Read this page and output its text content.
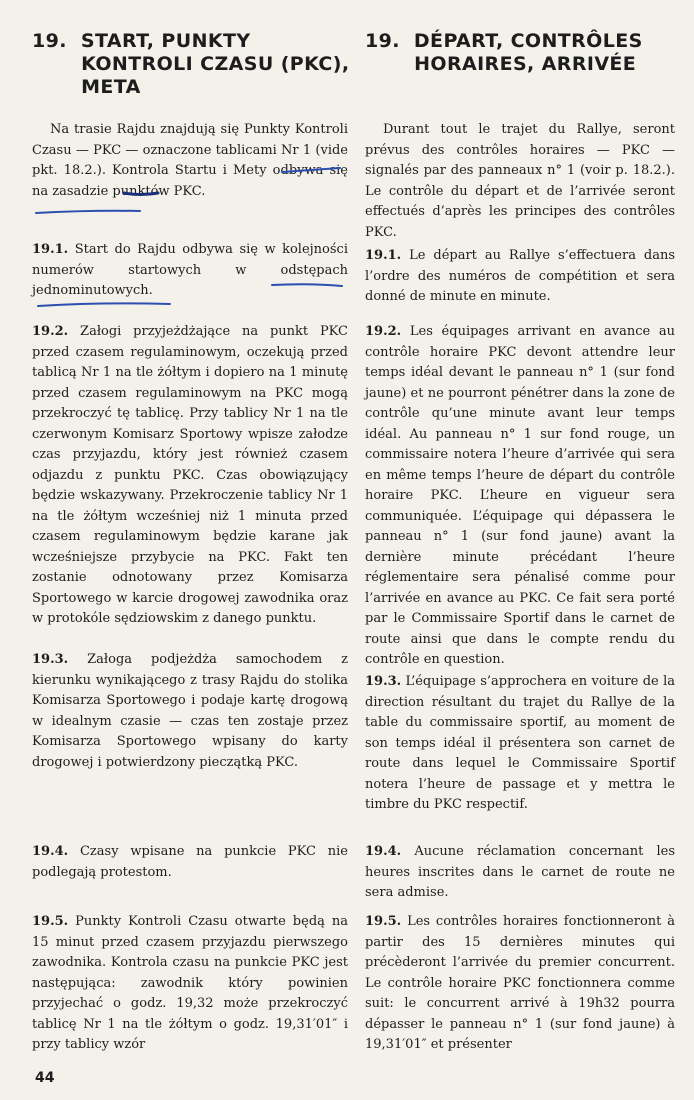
19.  START, PUNKTY
KONTROLI CZASU (PKC),
META

Na trasie Rajdu znajdują się Punkty Kontroli Czasu — PKC — oznaczone tablicami Nr 1 (vide pkt. 18.2.). Kontrola Startu i Mety odbywa się na zasadzie punktów PKC.

19.1. Start do Rajdu odbywa się w kolejności numerów startowych w odstępach jednominutowych.

19.2. Załogi przyjeżdżające na punkt PKC przed czasem regulaminowym, oczekują przed tablicą Nr 1 na tle żółtym i dopiero na 1 minutę przed czasem regulaminowym na PKC mogą przekroczyć tę tablicę. Przy tablicy Nr 1 na tle czerwonym Komisarz Sportowy wpisze załodze czas przyjazdu, który jest również czasem odjazdu z punktu PKC. Czas obowiązujący będzie wskazywany. Przekroczenie tablicy Nr 1 na tle żółtym wcześniej niż 1 minuta przed czasem regulaminowym będzie karane jak wcześniejsze przybycie na PKC. Fakt ten zostanie odnotowany przez Komisarza Sportowego w karcie drogowej zawodnika oraz w protokóle sędziowskim z danego punktu.

19.3. Załoga podjeżdża samochodem z kierunku wynikającego z trasy Rajdu do stolika Komisarza Sportowego i podaje kartę drogową w idealnym czasie — czas ten zostaje przez Komisarza Sportowego wpisany do karty drogowej i potwierdzony pieczątką PKC.

19.4. Czasy wpisane na punkcie PKC nie podlegają protestom.

19.5. Punkty Kontroli Czasu otwarte będą na 15 minut przed czasem przyjazdu pierwszego zawodnika. Kontrola czasu na punkcie PKC jest następująca: zawodnik który powinien przyjechać o godz. 19,32 może przekroczyć tablicę Nr 1 na tle żółtym o godz. 19,31′01″ i przy tablicy wzór

19.  DÉPART, CONTRÔLES
HORAIRES, ARRIVÉE

Durant tout le trajet du Rallye, seront prévus des contrôles horaires — PKC — signalés par des panneaux n° 1 (voir p. 18.2.). Le contrôle du départ et de l’arrivée seront effectués d’après les principes des contrôles PKC.

19.1. Le départ au Rallye s’effectuera dans l’ordre des numéros de compétition et sera donné de minute en minute.

19.2. Les équipages arrivant en avance au contrôle horaire PKC devont attendre leur temps idéal devant le panneau n° 1 (sur fond jaune) et ne pourront pénétrer dans la zone de contrôle qu’une minute avant leur temps idéal. Au panneau n° 1 sur fond rouge, un commissaire notera l’heure d’arrivée qui sera en même temps l’heure de départ du contrôle horaire PKC. L’heure en vigueur sera communiquée. L’équipage qui dépassera le panneau n° 1 (sur fond jaune) avant la dernière minute précédant l’heure réglementaire sera pénalisé comme pour l’arrivée en avance au PKC. Ce fait sera porté par le Commissaire Sportif dans le carnet de route ainsi que dans le compte rendu du contrôle en question.

19.3. L’équipage s’approchera en voiture de la direction résultant du trajet du Rallye de la table du commissaire sportif, au moment de son temps idéal il présentera son carnet de route dans lequel le Commissaire Sportif notera l’heure de passage et y mettra le timbre du PKC respectif.

19.4. Aucune réclamation concernant les heures inscrites dans le carnet de route ne sera admise.

19.5. Les contrôles horaires fonctionneront à partir des 15 dernières minutes qui précèderont l’arrivée du premier concurrent. Le contrôle horaire PKC fonctionnera comme suit: le concurrent arrivé à 19h32 pourra dépasser le panneau n° 1 (sur fond jaune) à 19,31′01″ et présenter

44
